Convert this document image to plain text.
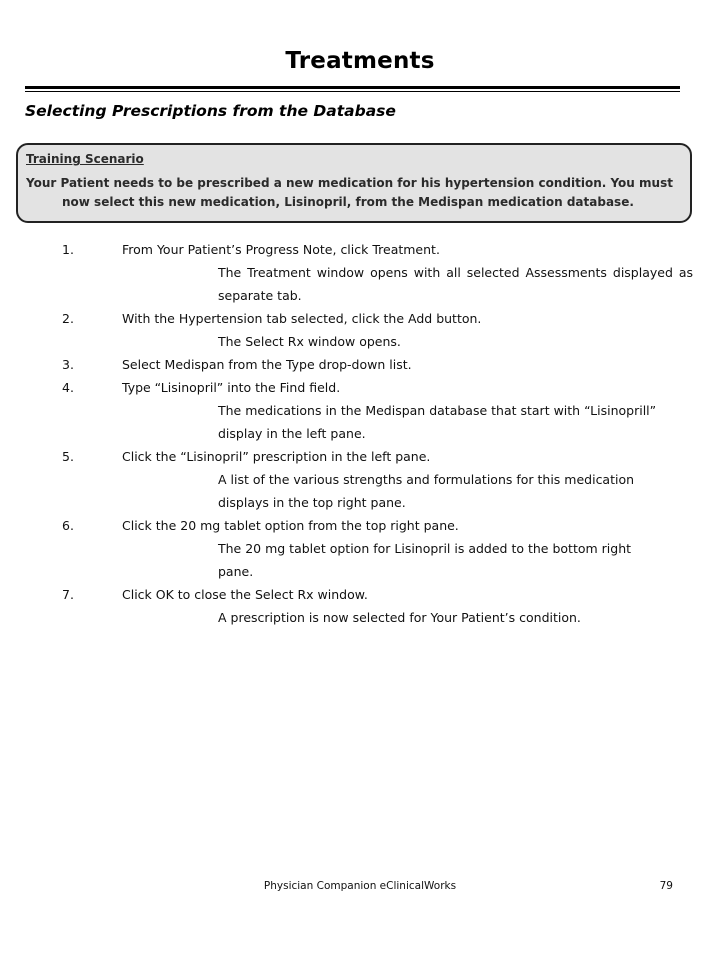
Treatments
Selecting Prescriptions from the Database
Training Scenario
Your Patient needs to be prescribed a new medication for his hypertension condition. You must
now select this new medication, Lisinopril, from the Medispan medication database.
1.	From Your Patient’s Progress Note, click Treatment.
The Treatment window opens with all selected Assessments displayed as
separate tab.
2.	With the Hypertension tab selected, click the Add button.
The Select Rx window opens.
3.	Select Medispan from the Type drop-down list.
4.	Type “Lisinopril” into the Find field.
The medications in the Medispan database that start with “Lisinoprill”
display in the left pane.
5.	Click the “Lisinopril” prescription in the left pane.
A list of the various strengths and formulations for this medication
displays in the top right pane.
6.	Click the 20 mg tablet option from the top right pane.
The 20 mg tablet option for Lisinopril is added to the bottom right
pane.
7.	Click OK to close the Select Rx window.
A prescription is now selected for Your Patient’s condition.
Physician Companion eClinicalWorks	79
